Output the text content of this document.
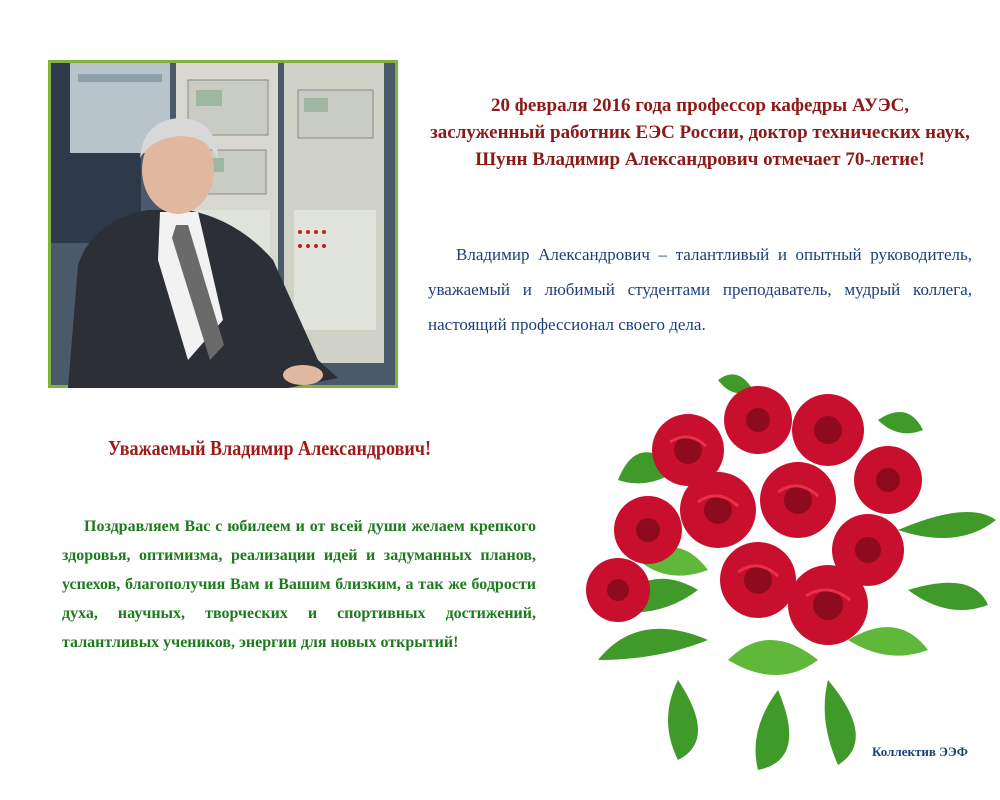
20 февраля 2016 года профессор кафедры АУЭС,
заслуженный работник ЕЭС России, доктор технических наук,
Шунн Владимир Александрович отмечает 70-летие!
Владимир Александрович – талантливый и опытный руководитель, уважаемый и любимый студентами преподаватель, мудрый коллега, настоящий профессионал своего дела.
Уважаемый Владимир Александрович!
Поздравляем Вас с юбилеем и от всей души желаем крепкого здоровья, оптимизма, реализации идей и задуманных планов, успехов, благополучия Вам и Вашим близким, а так же бодрости духа, научных, творческих и спортивных достижений, талантливых учеников, энергии для новых открытий!
Коллектив ЭЭФ
